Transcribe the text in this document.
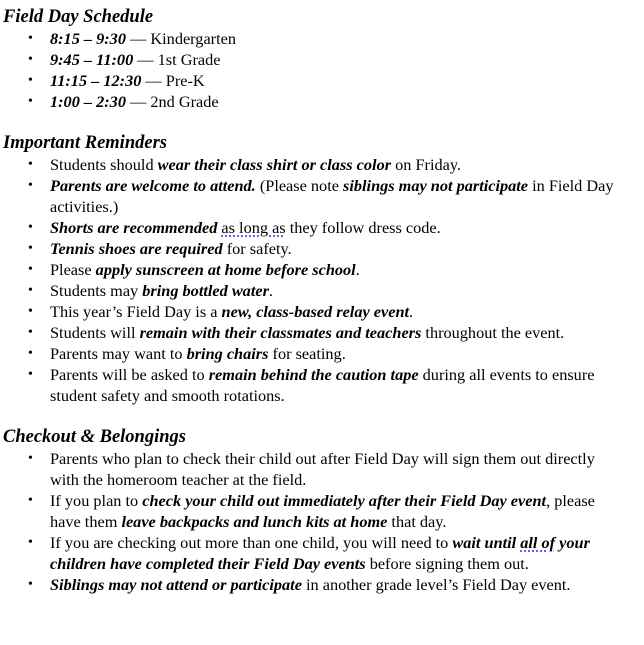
Field Day Schedule
• 8:15 – 9:30 — Kindergarten
• 9:45 – 11:00 — 1st Grade
• 11:15 – 12:30 — Pre-K
• 1:00 – 2:30 — 2nd Grade
Important Reminders
• Students should wear their class shirt or class color on Friday.
• Parents are welcome to attend. (Please note siblings may not participate in Field Day activities.)
• Shorts are recommended as long as they follow dress code.
• Tennis shoes are required for safety.
• Please apply sunscreen at home before school.
• Students may bring bottled water.
• This year’s Field Day is a new, class-based relay event.
• Students will remain with their classmates and teachers throughout the event.
• Parents may want to bring chairs for seating.
• Parents will be asked to remain behind the caution tape during all events to ensure student safety and smooth rotations.
Checkout & Belongings
• Parents who plan to check their child out after Field Day will sign them out directly with the homeroom teacher at the field.
• If you plan to check your child out immediately after their Field Day event, please have them leave backpacks and lunch kits at home that day.
• If you are checking out more than one child, you will need to wait until all of your children have completed their Field Day events before signing them out.
• Siblings may not attend or participate in another grade level’s Field Day event.
